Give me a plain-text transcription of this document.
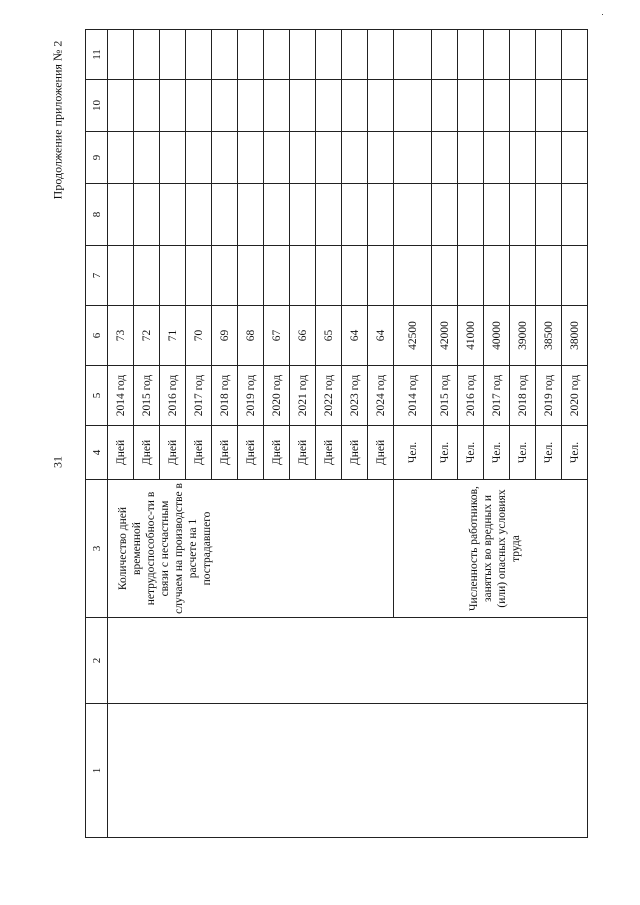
31
Продолжение приложения № 2
1	2	3	4	5	6	7	8	9	10	11
		Количество дней временной нетрудоспособнос-ти в связи с несчастным случаем на производстве в расчете на 1 пострадавшего	Дней	2014 год	73					
			Дней	2015 год	72					
			Дней	2016 год	71					
			Дней	2017 год	70					
			Дней	2018 год	69					
			Дней	2019 год	68					
			Дней	2020 год	67					
			Дней	2021 год	66					
			Дней	2022 год	65					
			Дней	2023 год	64					
			Дней	2024 год	64					
		Численность работников, занятых во вредных и (или) опасных условиях труда	Чел.	2014 год	42500					
			Чел.	2015 год	42000					
			Чел.	2016 год	41000					
			Чел.	2017 год	40000					
			Чел.	2018 год	39000					
			Чел.	2019 год	38500					
			Чел.	2020 год	38000					
